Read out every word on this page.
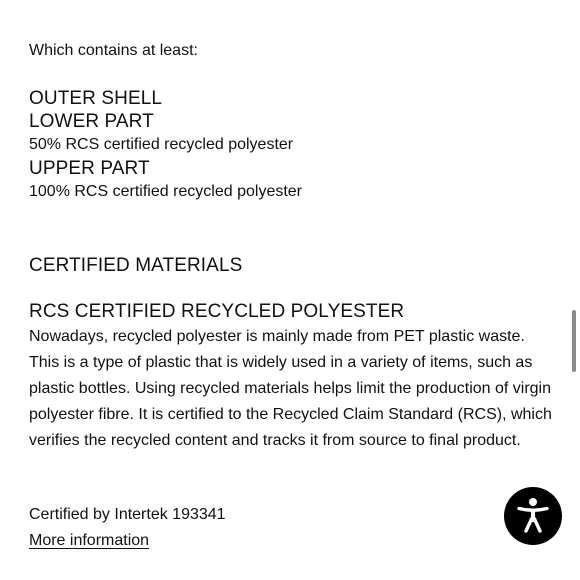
Which contains at least:
OUTER SHELL
LOWER PART
50% RCS certified recycled polyester
UPPER PART
100% RCS certified recycled polyester
CERTIFIED MATERIALS
RCS CERTIFIED RECYCLED POLYESTER
Nowadays, recycled polyester is mainly made from PET plastic waste. This is a type of plastic that is widely used in a variety of items, such as plastic bottles. Using recycled materials helps limit the production of virgin polyester fibre. It is certified to the Recycled Claim Standard (RCS), which verifies the recycled content and tracks it from source to final product.
Certified by Intertek 193341
More information
